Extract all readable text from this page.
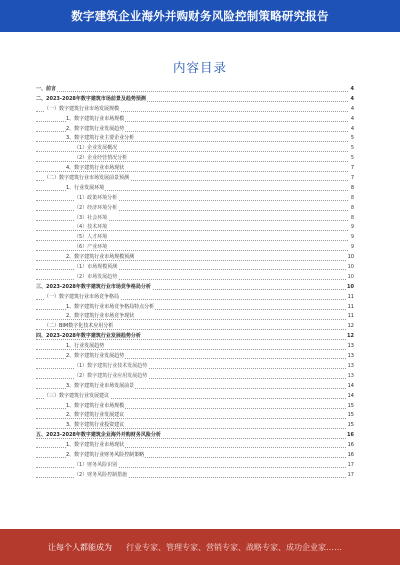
数字建筑企业海外并购财务风险控制策略研究报告
内容目录
一、前言	4
二、2023-2028年数字建筑市场前景及趋势预测	4
（一）数字建筑行业市场发展规模	4
1、数字建筑行业市场规模	4
2、数字建筑行业发展趋势	4
3、数字建筑行业主要企业分析	5
（1）企业发展概况	5
（2）企业经营情况分析	5
4、数字建筑行业市场现状	7
（二）数字建筑行业市场发展前景预测	7
1、行业发展环境	8
（1）政策环境分析	8
（2）经济环境分析	8
（3）社会环境	8
（4）技术环境	9
（5）人才环境	9
（6）产业环境	9
2、数字建筑行业市场规模预测	10
（1）市场规模预测	10
（2）市场发展趋势	10
三、2023-2028年数字建筑行业市场竞争格局分析	10
（一）数字建筑行业市场竞争格局	11
1、数字建筑行业市场竞争格局特点分析	11
2、数字建筑行业市场竞争现状	11
（二）BIM数字化技术应用分析	12
四、2023-2028年数字建筑行业发展趋势分析	12
1、行业发展趋势	13
2、数字建筑行业发展趋势	13
（1）数字建筑行业技术发展趋势	13
（2）数字建筑行业应用发展趋势	13
3、数字建筑行业市场发展前景	14
（三）数字建筑行业发展建议	14
1、数字建筑行业市场规模	15
2、数字建筑行业发展建议	15
3、数字建筑行业投资建议	15
五、2023-2028年数字建筑企业海外并购财务风险分析	16
1、数字建筑行业市场现状	16
2、数字建筑行业财务风险控制策略	16
（1）财务风险识别	17
（2）财务风险控制措施	17
让每个人都能成为 行业专家、管理专家、营销专家、战略专家、成功企业家……
